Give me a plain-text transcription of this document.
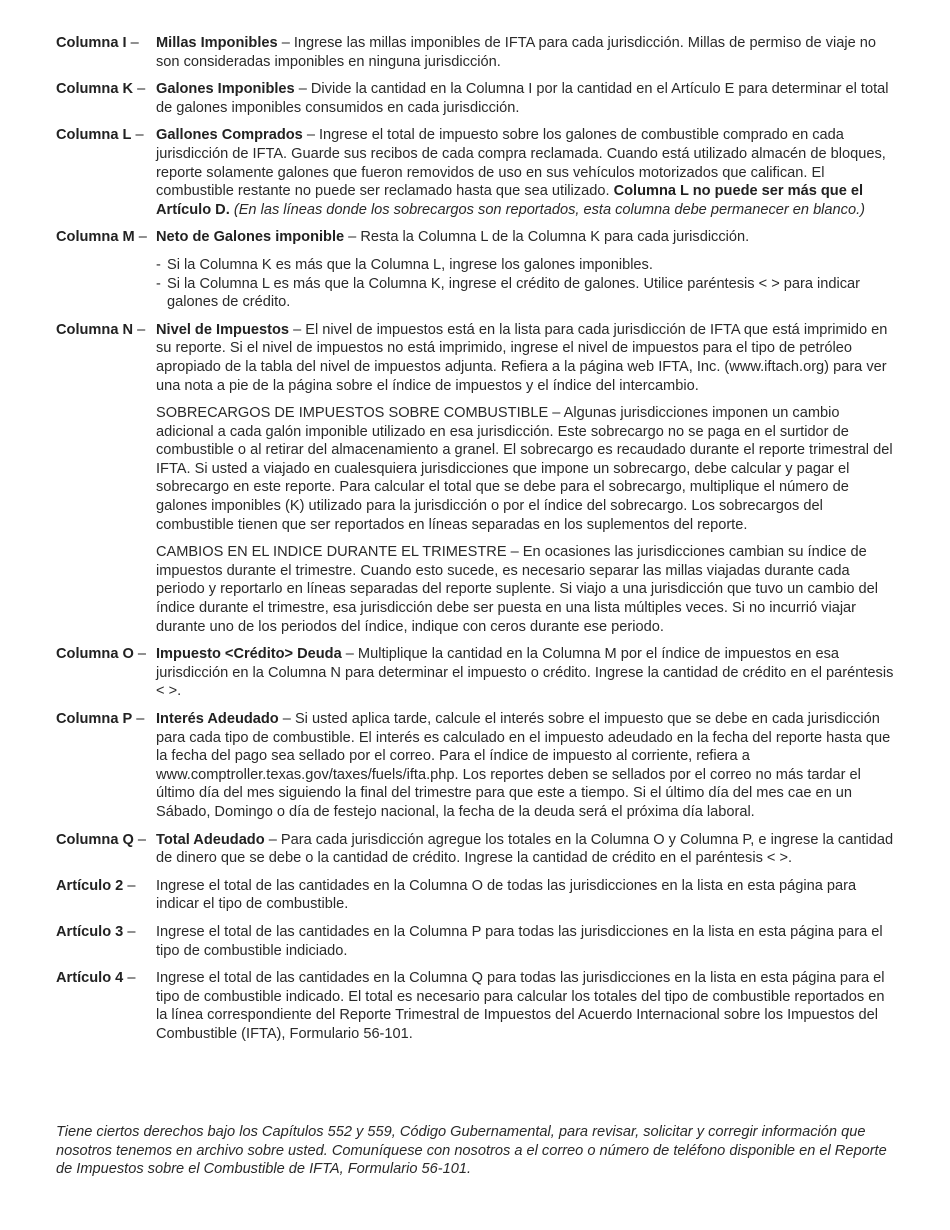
Columna I –	Millas Imponibles – Ingrese las millas imponibles de IFTA para cada jurisdicción. Millas de permiso de viaje no son consideradas imponibles en ninguna jurisdicción.

Columna K – Galones Imponibles – Divide la cantidad en la Columna I por la cantidad en el Artículo E para determinar el total de galones imponibles consumidos en cada jurisdicción.

Columna L – Gallones Comprados – Ingrese el total de impuesto sobre los galones de combustible comprado en cada jurisdicción de IFTA. Guarde sus recibos de cada compra reclamada. Cuando está utilizado almacén de bloques, reporte solamente galones que fueron removidos de uso en sus vehículos motorizados que califican. El combustible restante no puede ser reclamado hasta que sea utilizado. Columna L no puede ser más que el Artículo D. (En las líneas donde los sobrecargos son reportados, esta columna debe permanecer en blanco.)

Columna M – Neto de Galones imponible – Resta la Columna L de la Columna K para cada jurisdicción.

- Si la Columna K es más que la Columna L, ingrese los galones imponibles.
- Si la Columna L es más que la Columna K, ingrese el crédito de galones. Utilice paréntesis < > para indicar galones de crédito.
Columna N – Nivel de Impuestos – El nivel de impuestos está en la lista para cada jurisdicción de IFTA que está imprimido en su reporte. Si el nivel de impuestos no está imprimido, ingrese el nivel de impuestos para el tipo de petróleo apropiado de la tabla del nivel de impuestos adjunta. Refiera a la página web IFTA, Inc. (www.iftach.org) para ver una nota a pie de la página sobre el índice de impuestos y el índice del intercambio.

SOBRECARGOS DE IMPUESTOS SOBRE COMBUSTIBLE – Algunas jurisdicciones imponen un cambio adicional a cada galón imponible utilizado en esa jurisdicción. Este sobrecargo no se paga en el surtidor de combustible o al retirar del almacenamiento a granel. El sobrecargo es recaudado durante el reporte trimestral del IFTA. Si usted a viajado en cualesquiera jurisdicciones que impone un sobrecargo, debe calcular y pagar el sobrecargo en este reporte. Para calcular el total que se debe para el sobrecargo, multiplique el número de galones imponibles (K) utilizado para la jurisdicción o por el índice del sobrecargo. Los sobrecargos del combustible tienen que ser reportados en líneas separadas en los suplementos del reporte.

CAMBIOS EN EL INDICE DURANTE EL TRIMESTRE – En ocasiones las jurisdicciones cambian su índice de impuestos durante el trimestre. Cuando esto sucede, es necesario separar las millas viajadas durante cada periodo y reportarlo en líneas separadas del reporte suplente. Si viajo a una jurisdicción que tuvo un cambio del índice durante el trimestre, esa jurisdicción debe ser puesta en una lista múltiples veces. Si no incurrió viajar durante uno de los periodos del índice, indique con ceros durante ese periodo.

Columna O – Impuesto <Crédito> Deuda – Multiplique la cantidad en la Columna M por el índice de impuestos en esa jurisdicción en la Columna N para determinar el impuesto o crédito. Ingrese la cantidad de crédito en el paréntesis < >.

Columna P – Interés Adeudado – Si usted aplica tarde, calcule el interés sobre el impuesto que se debe en cada jurisdicción para cada tipo de combustible. El interés es calculado en el impuesto adeudado en la fecha del reporte hasta que la fecha del pago sea sellado por el correo. Para el índice de impuesto al corriente, refiera a www.comptroller.texas.gov/taxes/fuels/ifta.php. Los reportes deben se sellados por el correo no más tardar el último día del mes siguiendo la final del trimestre para que este a tiempo. Si el último día del mes cae en un Sábado, Domingo o día de festejo nacional, la fecha de la deuda será el próxima día laboral.

Columna Q – Total Adeudado – Para cada jurisdicción agregue los totales en la Columna O y Columna P, e ingrese la cantidad de dinero que se debe o la cantidad de crédito. Ingrese la cantidad de crédito en el paréntesis < >.

Artículo 2 –	Ingrese el total de las cantidades en la Columna O de todas las jurisdicciones en la lista en esta página para indicar el tipo de combustible.

Artículo 3 –	Ingrese el total de las cantidades en la Columna P para todas las jurisdicciones en la lista en esta página para el tipo de combustible indiciado.

Artículo 4 –	Ingrese el total de las cantidades en la Columna Q para todas las jurisdicciones en la lista en esta página para el tipo de combustible indicado. El total es necesario para calcular los totales del tipo de combustible reportados en la línea correspondiente del Reporte Trimestral de Impuestos del Acuerdo Internacional sobre los Impuestos del Combustible (IFTA), Formulario 56-101.

Tiene ciertos derechos bajo los Capítulos 552 y 559, Código Gubernamental, para revisar, solicitar y corregir información que nosotros tenemos en archivo sobre usted. Comuníquese con nosotros a el correo o número de teléfono disponible en el Reporte de Impuestos sobre el Combustible de IFTA, Formulario 56-101.
